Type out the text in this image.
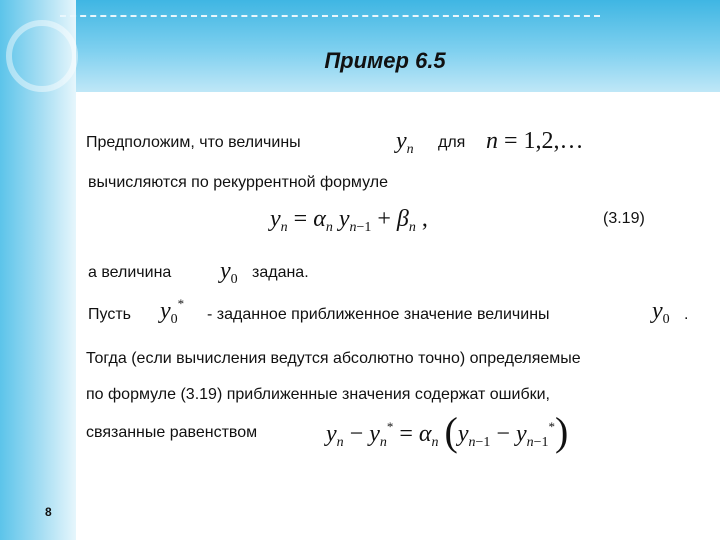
Пример 6.5
Предположим, что величины	$y_n$ для n = 1,2,…
вычисляются по рекуррентной формуле
$y_n = \alpha_n$ $y_{n-1} + \beta_n$ ,	(3.19)
а величина $y_0$ задана.
Пусть $y_0^*$
- заданное приближенное значение величины	$y_0$ .
Тогда (если вычисления ведутся абсолютно точно) определяемые
по формуле (3.19) приближенные значения содержат ошибки,
связанные равенством	$y_n - y_n^* = \alpha_n$ $(y_{n-1} - y_{n-1}^*)$
8
